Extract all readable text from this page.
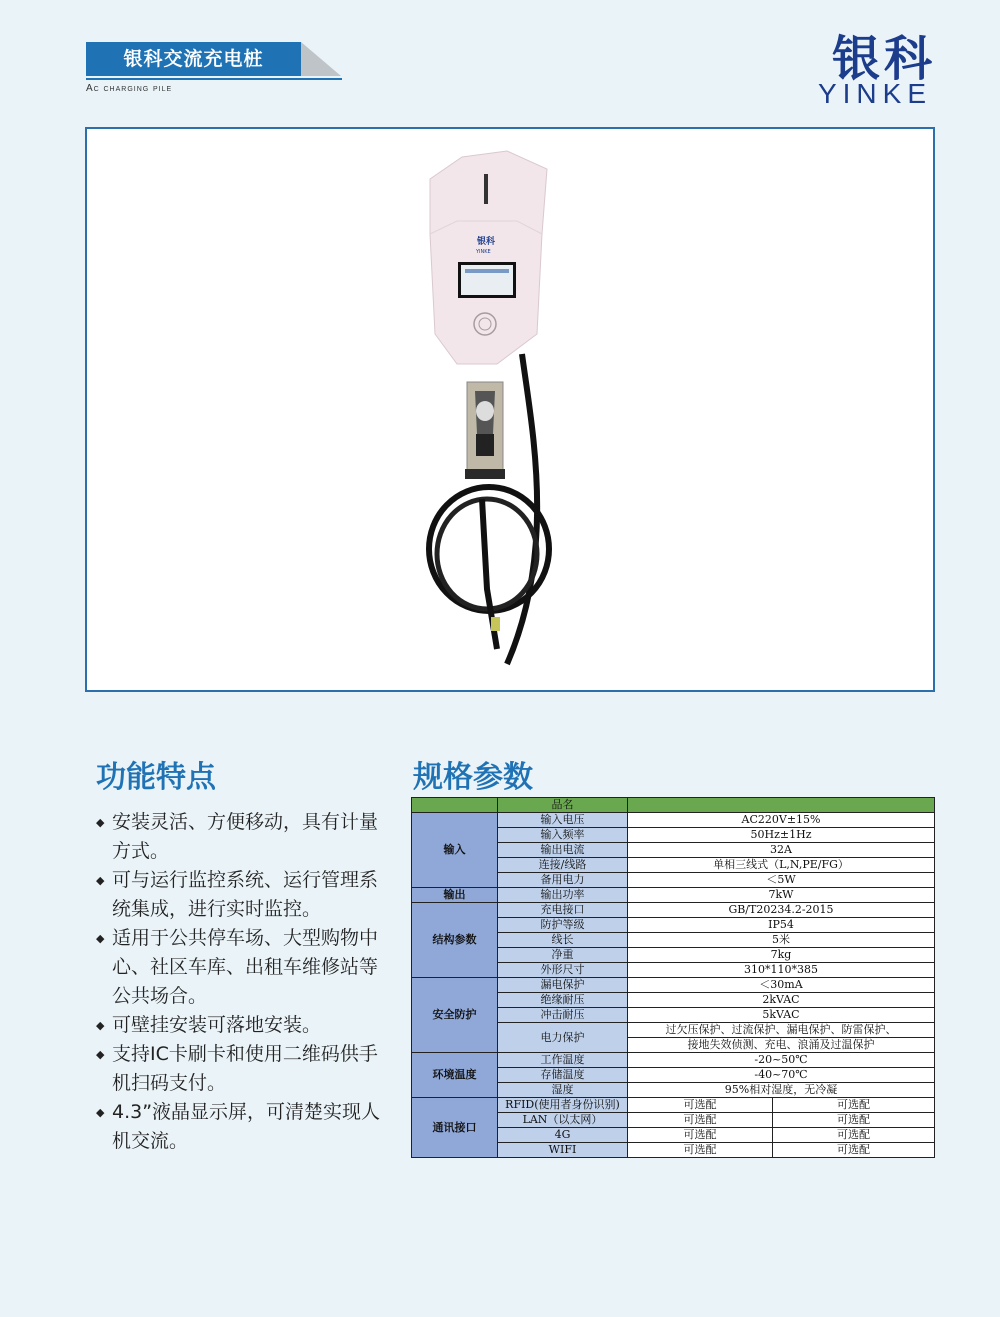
银科交流充电桩
Ac charging pile
银科
YINKE
银科
YINKE
功能特点
◆ 安装灵活、方便移动，具有计量方式。
◆ 可与运行监控系统、运行管理系统集成，进行实时监控。
◆ 适用于公共停车场、大型购物中心、社区车库、出租车维修站等公共场合。
◆ 可壁挂安装可落地安装。
◆ 支持IC卡刷卡和使用二维码供手机扫码支付。
◆ 4.3”液晶显示屏，可清楚实现人机交流。
规格参数
	品名		
输入	输入电压	AC220V±15%	
	输入频率	50Hz±1Hz	
	输出电流	32A	
	连接/线路	单相三线式（L,N,PE/FG）	
	备用电力	＜5W	

输出	输出功率	7kW	
结构参数	充电接口	GB/T20234.2-2015	
	防护等级	IP54	
	线长	5米	
	净重	7kg	
	外形尺寸	310*110*385	
安全防护	漏电保护	＜30mA	
	绝缘耐压	2kVAC	
	冲击耐压	5kVAC	
	电力保护	过欠压保护、过流保护、漏电保护、防雷保护、	
		接地失效侦测、充电、浪涌及过温保护	
环境温度	工作温度	-20~50℃	
	存储温度	-40~70℃	
	湿度	95%相对湿度，无冷凝	
通讯接口	RFID(使用者身份识别)	可选配	可选配
	LAN（以太网）	可选配	可选配
	4G	可选配	可选配
	WIFI	可选配	可选配
